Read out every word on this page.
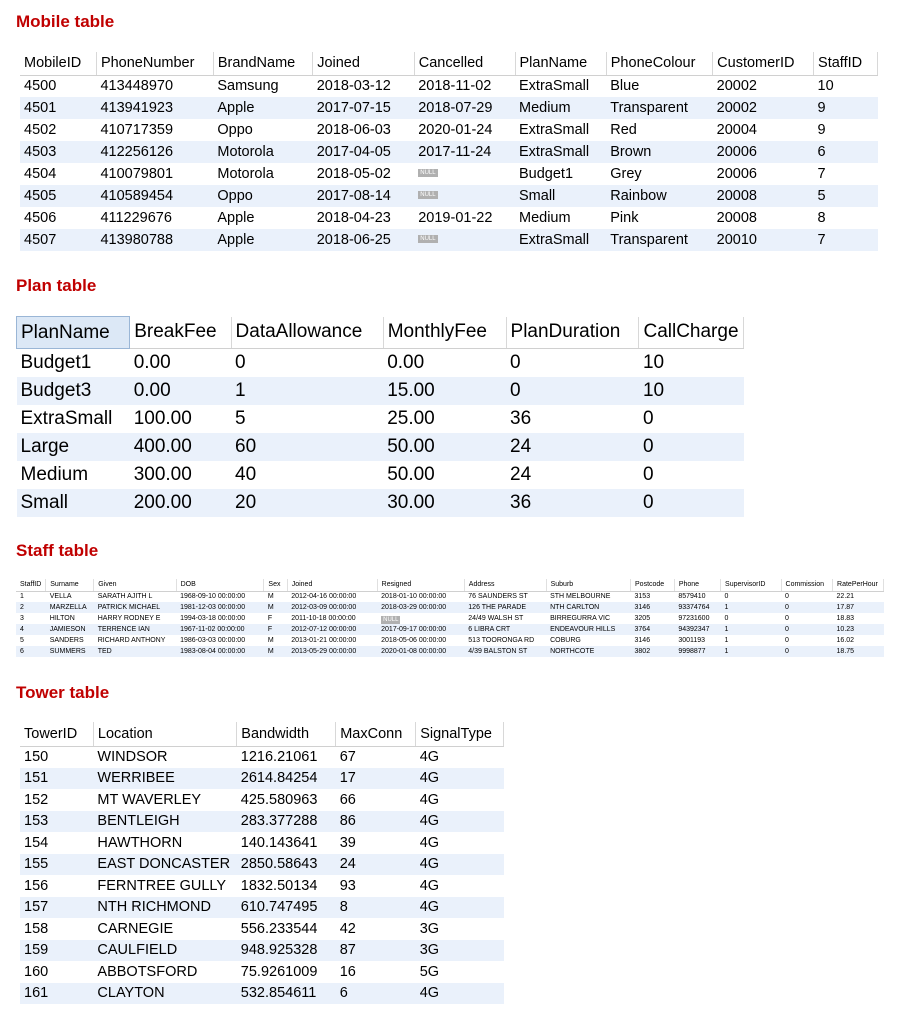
Mobile table
MobileID	PhoneNumber	BrandName	Joined	Cancelled	PlanName	PhoneColour	CustomerID	StaffID
4500	413448970	Samsung	2018-03-12	2018-11-02	ExtraSmall	Blue	20002	10
4501	413941923	Apple	2017-07-15	2018-07-29	Medium	Transparent	20002	9
4502	410717359	Oppo	2018-06-03	2020-01-24	ExtraSmall	Red	20004	9
4503	412256126	Motorola	2017-04-05	2017-11-24	ExtraSmall	Brown	20006	6
4504	410079801	Motorola	2018-05-02	NULL	Budget1	Grey	20006	7
4505	410589454	Oppo	2017-08-14	NULL	Small	Rainbow	20008	5
4506	411229676	Apple	2018-04-23	2019-01-22	Medium	Pink	20008	8
4507	413980788	Apple	2018-06-25	NULL	ExtraSmall	Transparent	20010	7
Plan table
PlanName	BreakFee	DataAllowance	MonthlyFee	PlanDuration	CallCharge
Budget1	0.00	0	0.00	0	10
Budget3	0.00	1	15.00	0	10
ExtraSmall	100.00	5	25.00	36	0
Large	400.00	60	50.00	24	0
Medium	300.00	40	50.00	24	0
Small	200.00	20	30.00	36	0
Staff table
StaffID	Surname	Given	DOB	Sex	Joined	Resigned	Address	Suburb	Postcode	Phone	SupervisorID	Commission	RatePerHour
1	VELLA	SARATH AJITH L	1968-09-10 00:00:00	M	2012-04-16 00:00:00	2018-01-10 00:00:00	76 SAUNDERS ST	STH MELBOURNE	3153	8579410	0	0	22.21
2	MARZELLA	PATRICK MICHAEL	1981-12-03 00:00:00	M	2012-03-09 00:00:00	2018-03-29 00:00:00	126 THE PARADE	NTH CARLTON	3146	93374764	1	0	17.87
3	HILTON	HARRY RODNEY E	1994-03-18 00:00:00	F	2011-10-18 00:00:00	NULL	24/49 WALSH ST	BIRREGURRA VIC	3205	97231600	0	0	18.83
4	JAMIESON	TERRENCE IAN	1967-11-02 00:00:00	F	2012-07-12 00:00:00	2017-09-17 00:00:00	6 LIBRA CRT	ENDEAVOUR HILLS	3764	94392347	1	0	10.23
5	SANDERS	RICHARD ANTHONY	1986-03-03 00:00:00	M	2013-01-21 00:00:00	2018-05-06 00:00:00	513 TOORONGA RD	COBURG	3146	3001193	1	0	16.02
6	SUMMERS	TED	1983-08-04 00:00:00	M	2013-05-29 00:00:00	2020-01-08 00:00:00	4/39 BALSTON ST	NORTHCOTE	3802	9998877	1	0	18.75
Tower table
TowerID	Location	Bandwidth	MaxConn	SignalType
150	WINDSOR	1216.21061	67	4G
151	WERRIBEE	2614.84254	17	4G
152	MT WAVERLEY	425.580963	66	4G
153	BENTLEIGH	283.377288	86	4G
154	HAWTHORN	140.143641	39	4G
155	EAST DONCASTER	2850.58643	24	4G
156	FERNTREE GULLY	1832.50134	93	4G
157	NTH RICHMOND	610.747495	8	4G
158	CARNEGIE	556.233544	42	3G
159	CAULFIELD	948.925328	87	3G
160	ABBOTSFORD	75.9261009	16	5G
161	CLAYTON	532.854611	6	4G
